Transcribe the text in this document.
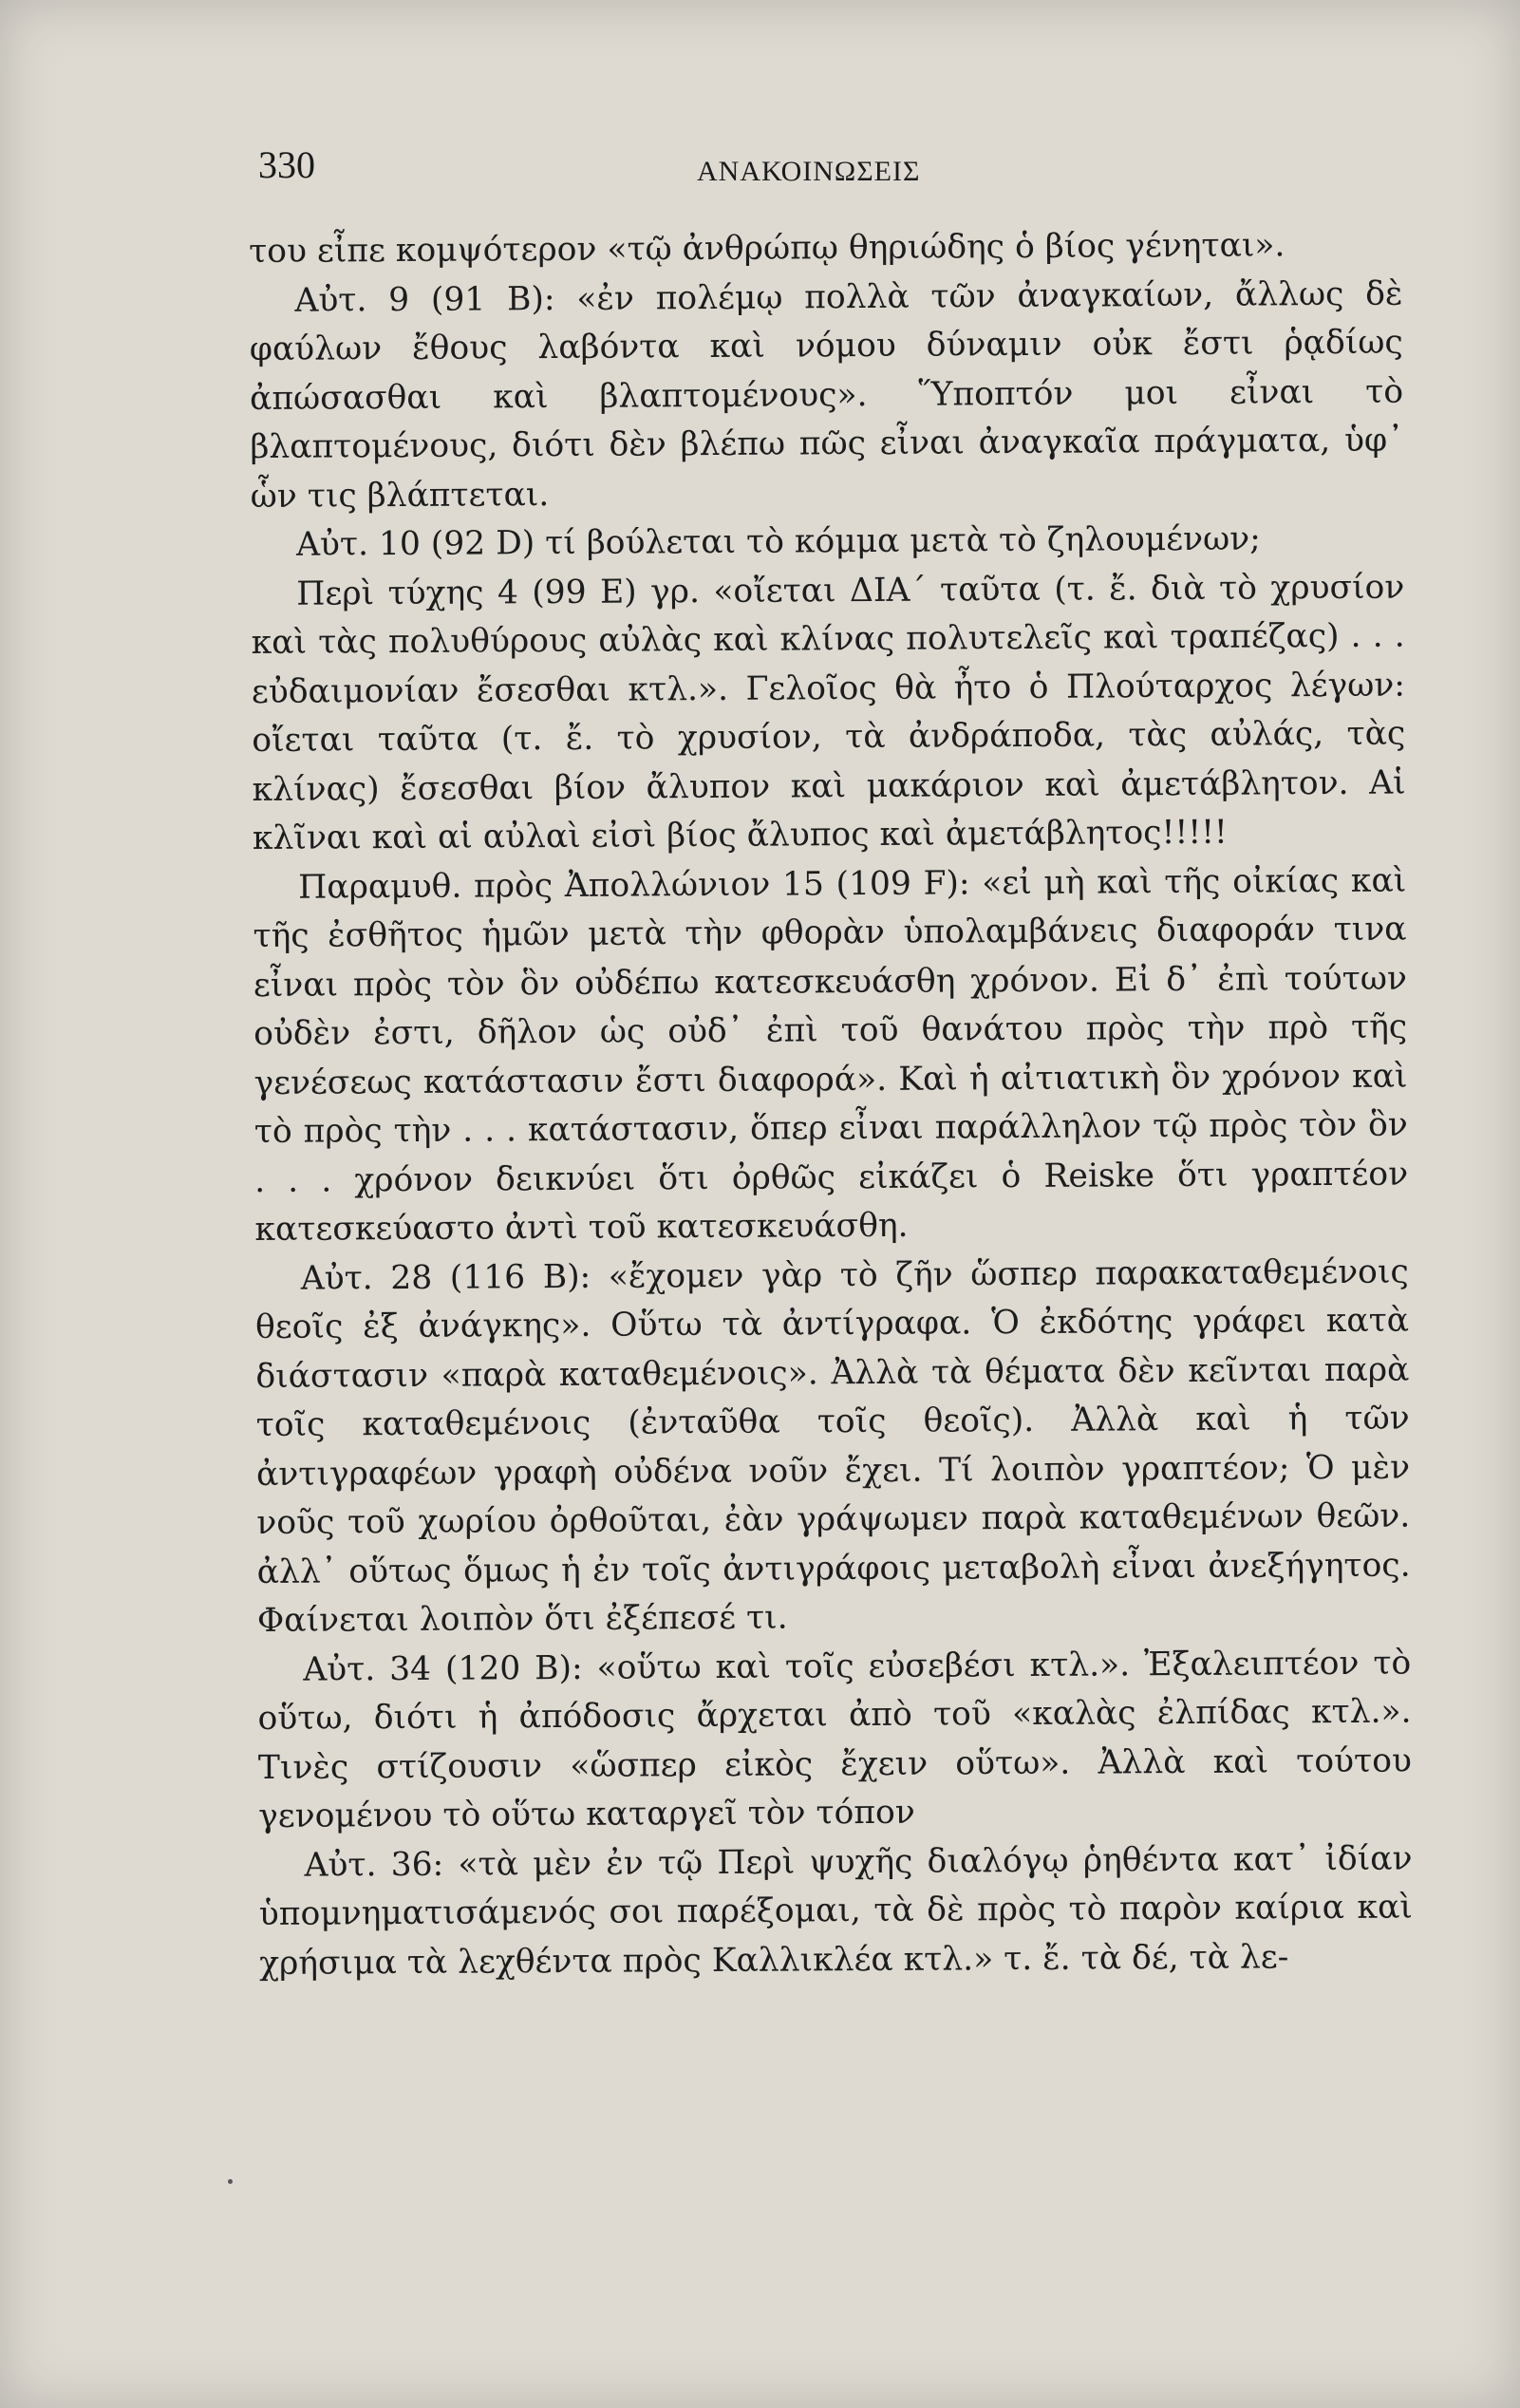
330	ΑΝΑΚΟΙΝΩΣΕΙΣ

του εἶπε κομψότερον «τῷ ἀνθρώπῳ θηριώδης ὁ βίος γένηται».

Αὐτ. 9 (91 B): «ἐν πολέμῳ πολλὰ τῶν ἀναγκαίων, ἄλλως δὲ φαύλων ἔθους λαβόντα καὶ νόμου δύναμιν οὐκ ἔστι ῥᾳδίως ἀπώσασθαι καὶ βλαπτομένους». Ὕποπτόν μοι εἶναι τὸ βλαπτομένους, διότι δὲν βλέπω πῶς εἶναι ἀναγκαῖα πράγματα, ὑφ᾽ ὧν τις βλάπτεται.

Αὐτ. 10 (92 D) τί βούλεται τὸ κόμμα μετὰ τὸ ζηλουμένων;

Περὶ τύχης 4 (99 E) γρ. «οἴεται ΔΙΑ΄ ταῦτα (τ. ἔ. διὰ τὸ χρυσίον καὶ τὰς πολυθύρους αὐλὰς καὶ κλίνας πολυτελεῖς καὶ τραπέζας) . . . εὐδαιμονίαν ἔσεσθαι κτλ.». Γελοῖος θὰ ἦτο ὁ Πλούταρχος λέγων: οἴεται ταῦτα (τ. ἔ. τὸ χρυσίον, τὰ ἀνδράποδα, τὰς αὐλάς, τὰς κλίνας) ἔσεσθαι βίον ἄλυπον καὶ μακάριον καὶ ἀμετάβλητον. Αἱ κλῖναι καὶ αἱ αὐλαὶ εἰσὶ βίος ἄλυπος καὶ ἀμετάβλητος!!!!!

Παραμυθ. πρὸς Ἀπολλώνιον 15 (109 F): «εἰ μὴ καὶ τῆς οἰκίας καὶ τῆς ἐσθῆτος ἡμῶν μετὰ τὴν φθορὰν ὑπολαμβάνεις διαφοράν τινα εἶναι πρὸς τὸν ὃν οὐδέπω κατεσκευάσθη χρόνον. Εἰ δ᾽ ἐπὶ τούτων οὐδὲν ἐστι, δῆλον ὡς οὐδ᾽ ἐπὶ τοῦ θανάτου πρὸς τὴν πρὸ τῆς γενέσεως κατάστασιν ἔστι διαφορά». Καὶ ἡ αἰτιατικὴ ὃν χρόνον καὶ τὸ πρὸς τὴν . . . κατάστασιν, ὅπερ εἶναι παράλληλον τῷ πρὸς τὸν ὃν . . . χρόνον δεικνύει ὅτι ὀρθῶς εἰκάζει ὁ Reiske ὅτι γραπτέον κατεσκεύαστο ἀντὶ τοῦ κατεσκευάσθη.

Αὐτ. 28 (116 B): «ἔχομεν γὰρ τὸ ζῆν ὥσπερ παρακαταθεμένοις θεοῖς ἐξ ἀνάγκης». Οὕτω τὰ ἀντίγραφα. Ὁ ἐκδότης γράφει κατὰ διάστασιν «παρὰ καταθεμένοις». Ἀλλὰ τὰ θέματα δὲν κεῖνται παρὰ τοῖς καταθεμένοις (ἐνταῦθα τοῖς θεοῖς). Ἀλλὰ καὶ ἡ τῶν ἀντιγραφέων γραφὴ οὐδένα νοῦν ἔχει. Τί λοιπὸν γραπτέον; Ὁ μὲν νοῦς τοῦ χωρίου ὀρθοῦται, ἐὰν γράψωμεν παρὰ καταθεμένων θεῶν. ἀλλ᾽ οὕτως ὅμως ἡ ἐν τοῖς ἀντιγράφοις μεταβολὴ εἶναι ἀνεξήγητος. Φαίνεται λοιπὸν ὅτι ἐξέπεσέ τι.

Αὐτ. 34 (120 B): «οὕτω καὶ τοῖς εὐσεβέσι κτλ.». Ἐξαλειπτέον τὸ οὕτω, διότι ἡ ἀπόδοσις ἄρχεται ἀπὸ τοῦ «καλὰς ἐλπίδας κτλ.». Τινὲς στίζουσιν «ὥσπερ εἰκὸς ἔχειν οὕτω». Ἀλλὰ καὶ τούτου γενομένου τὸ οὕτω καταργεῖ τὸν τόπον

Αὐτ. 36: «τὰ μὲν ἐν τῷ Περὶ ψυχῆς διαλόγῳ ῥηθέντα κατ᾽ ἰδίαν ὑπομνηματισάμενός σοι παρέξομαι, τὰ δὲ πρὸς τὸ παρὸν καίρια καὶ χρήσιμα τὰ λεχθέντα πρὸς Καλλικλέα κτλ.» τ. ἔ. τὰ δέ, τὰ λε-
